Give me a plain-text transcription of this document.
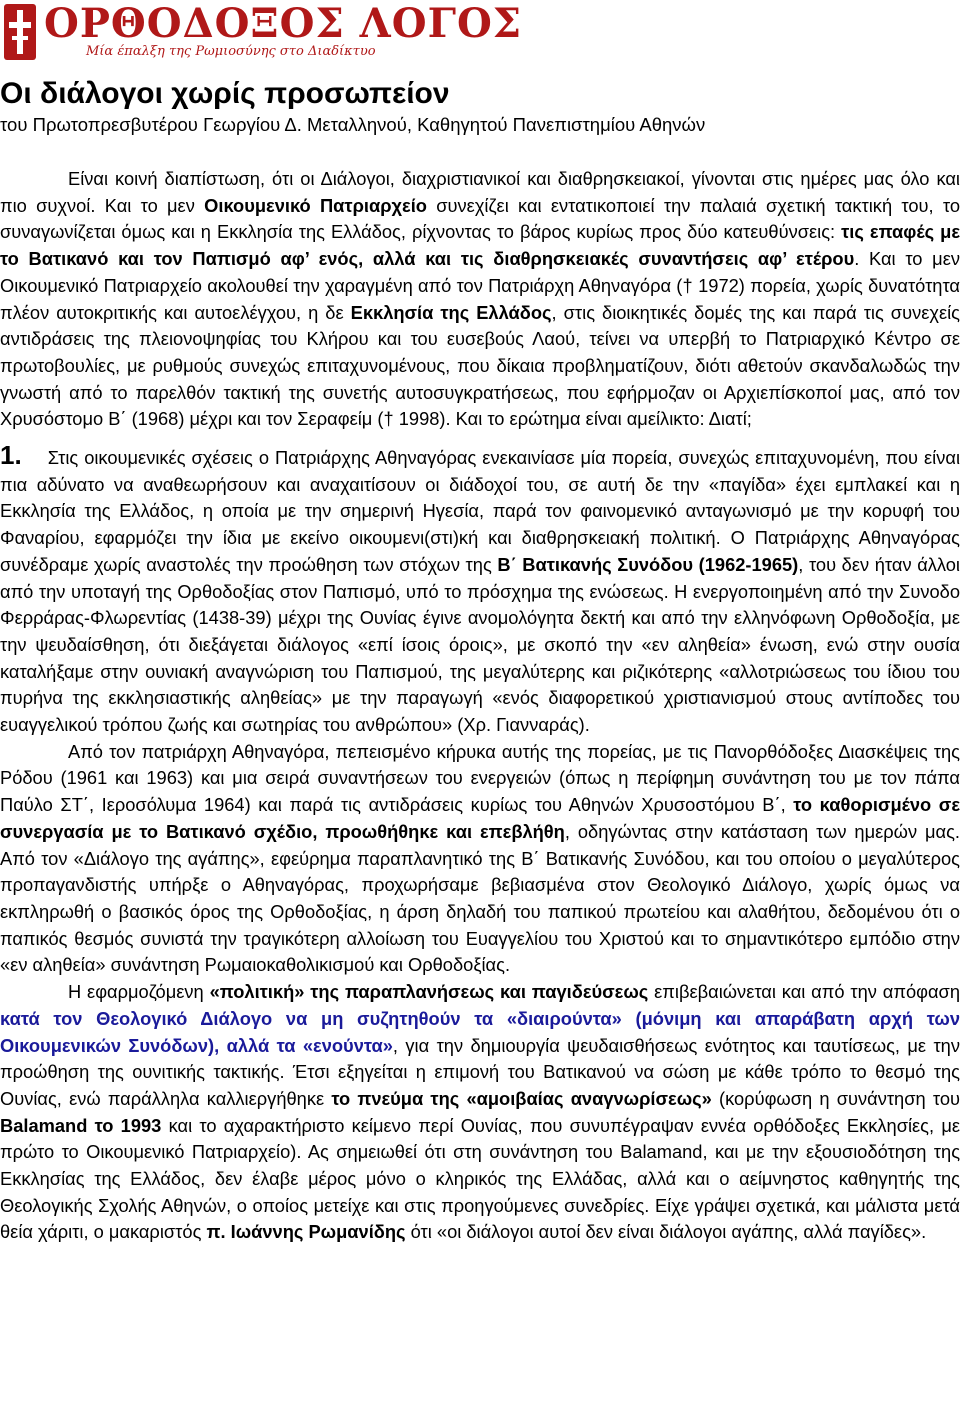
ΟΡΘΟΔΟΞΟΣ ΛΟΓΟΣ
Μία έπαλξη της Ρωμιοσύνης στο Διαδίκτυο
Οι διάλογοι χωρίς προσωπείον
του Πρωτοπρεσβυτέρου Γεωργίου Δ. Μεταλληνού, Καθηγητού Πανεπιστημίου Αθηνών

Είναι κοινή διαπίστωση, ότι οι Διάλογοι, διαχριστιανικοί και διαθρησκειακοί, γίνονται στις ημέρες μας όλο και πιο συχνοί. Και το μεν Οικουμενικό Πατριαρχείο συνεχίζει και εντατικοποιεί την παλαιά σχετική τακτική του, το συναγωνίζεται όμως και η Εκκλησία της Ελλάδος, ρίχνοντας το βάρος κυρίως προς δύο κατευθύνσεις: τις επαφές με το Βατικανό και τον Παπισμό αφ’ ενός, αλλά και τις διαθρησκειακές συναντήσεις αφ’ ετέρου. Και το μεν Οικουμενικό Πατριαρχείο ακολουθεί την χαραγμένη από τον Πατριάρχη Αθηναγόρα († 1972) πορεία, χωρίς δυνατότητα πλέον αυτοκριτικής και αυτοελέγχου, η δε Εκκλησία της Ελλάδος, στις διοικητικές δομές της και παρά τις συνεχείς αντιδράσεις της πλειονοψηφίας του Κλήρου και του ευσεβούς Λαού, τείνει να υπερβή το Πατριαρχικό Κέντρο σε πρωτοβουλίες, με ρυθμούς συνεχώς επιταχυνομένους, που δίκαια προβληματίζουν, διότι αθετούν σκανδαλωδώς την γνωστή από το παρελθόν τακτική της συνετής αυτοσυγκρατήσεως, που εφήρμοζαν οι Αρχιεπίσκοποί μας, από τον Χρυσόστομο Β΄ (1968) μέχρι και τον Σεραφείμ († 1998). Και το ερώτημα είναι αμείλικτο: Διατί;

1. Στις οικουμενικές σχέσεις ο Πατριάρχης Αθηναγόρας ενεκαινίασε μία πορεία, συνεχώς επιταχυνομένη, που είναι πια αδύνατο να αναθεωρήσουν και αναχαιτίσουν οι διάδοχοί του, σε αυτή δε την «παγίδα» έχει εμπλακεί και η Εκκλησία της Ελλάδος, η οποία με την σημερινή Ηγεσία, παρά τον φαινομενικό ανταγωνισμό με την κορυφή του Φαναρίου, εφαρμόζει την ίδια με εκείνο οικουμενι(στι)κή και διαθρησκειακή πολιτική. Ο Πατριάρχης Αθηναγόρας συνέδραμε χωρίς αναστολές την προώθηση των στόχων της Β΄ Βατικανής Συνόδου (1962-1965), του δεν ήταν άλλοι από την υποταγή της Ορθοδοξίας στον Παπισμό, υπό το πρόσχημα της ενώσεως. Η ενεργοποιημένη από την Συνοδο Φερράρας-Φλωρεντίας (1438-39) μέχρι της Ουνίας έγινε ανομολόγητα δεκτή και από την ελληνόφωνη Ορθοδοξία, με την ψευδαίσθηση, ότι διεξάγεται διάλογος «επί ίσοις όροις», με σκοπό την «εν αληθεία» ένωση, ενώ στην ουσία καταλήξαμε στην ουνιακή αναγνώριση του Παπισμού, της μεγαλύτερης και ριζικότερης «αλλοτριώσεως του ίδιου του πυρήνα της εκκλησιαστικής αληθείας» με την παραγωγή «ενός διαφορετικού χριστιανισμού στους αντίποδες του ευαγγελικού τρόπου ζωής και σωτηρίας του ανθρώπου» (Χρ. Γιανναράς).

Από τον πατριάρχη Αθηναγόρα, πεπεισμένο κήρυκα αυτής της πορείας, με τις Πανορθόδοξες Διασκέψεις της Ρόδου (1961 και 1963) και μια σειρά συναντήσεων του ενεργειών (όπως η περίφημη συνάντηση του με τον πάπα Παύλο ΣΤ΄, Ιεροσόλυμα 1964) και παρά τις αντιδράσεις κυρίως του Αθηνών Χρυσοστόμου Β΄, το καθορισμένο σε συνεργασία με το Βατικανό σχέδιο, προωθήθηκε και επεβλήθη, οδηγώντας στην κατάσταση των ημερών μας. Από τον «Διάλογο της αγάπης», εφεύρημα παραπλανητικό της Β΄ Βατικανής Συνόδου, και του οποίου ο μεγαλύτερος προπαγανδιστής υπήρξε ο Αθηναγόρας, προχωρήσαμε βεβιασμένα στον Θεολογικό Διάλογο, χωρίς όμως να εκπληρωθή ο βασικός όρος της Ορθοδοξίας, η άρση δηλαδή του παπικού πρωτείου και αλαθήτου, δεδομένου ότι ο παπικός θεσμός συνιστά την τραγικότερη αλλοίωση του Ευαγγελίου του Χριστού και το σημαντικότερο εμπόδιο στην «εν αληθεία» συνάντηση Ρωμαιοκαθολικισμού και Ορθοδοξίας.

Η εφαρμοζόμενη «πολιτική» της παραπλανήσεως και παγιδεύσεως επιβεβαιώνεται και από την απόφαση κατά τον Θεολογικό Διάλογο να μη συζητηθούν τα «διαιρούντα» (μόνιμη και απαράβατη αρχή των Οικουμενικών Συνόδων), αλλά τα «ενούντα», για την δημιουργία ψευδαισθήσεως ενότητος και ταυτίσεως, με την προώθηση της ουνιτικής τακτικής. Έτσι εξηγείται η επιμονή του Βατικανού να σώση με κάθε τρόπο το θεσμό της Ουνίας, ενώ παράλληλα καλλιεργήθηκε το πνεύμα της «αμοιβαίας αναγνωρίσεως» (κορύφωση η συνάντηση του Balamand το 1993 και το αχαρακτήριστο κείμενο περί Ουνίας, που συνυπέγραψαν εννέα ορθόδοξες Εκκλησίες, με πρώτο το Οικουμενικό Πατριαρχείο). Ας σημειωθεί ότι στη συνάντηση του Balamand, και με την εξουσιοδότηση της Εκκλησίας της Ελλάδος, δεν έλαβε μέρος μόνο ο κληρικός της Ελλάδας, αλλά και ο αείμνηστος καθηγητής της Θεολογικής Σχολής Αθηνών, ο οποίος μετείχε και στις προηγούμενες συνεδρίες. Είχε γράψει σχετικά, και μάλιστα μετά θεία χάριτι, ο μακαριστός π. Ιωάννης Ρωμανίδης ότι «οι διάλογοι αυτοί δεν είναι διάλογοι αγάπης, αλλά παγίδες».
